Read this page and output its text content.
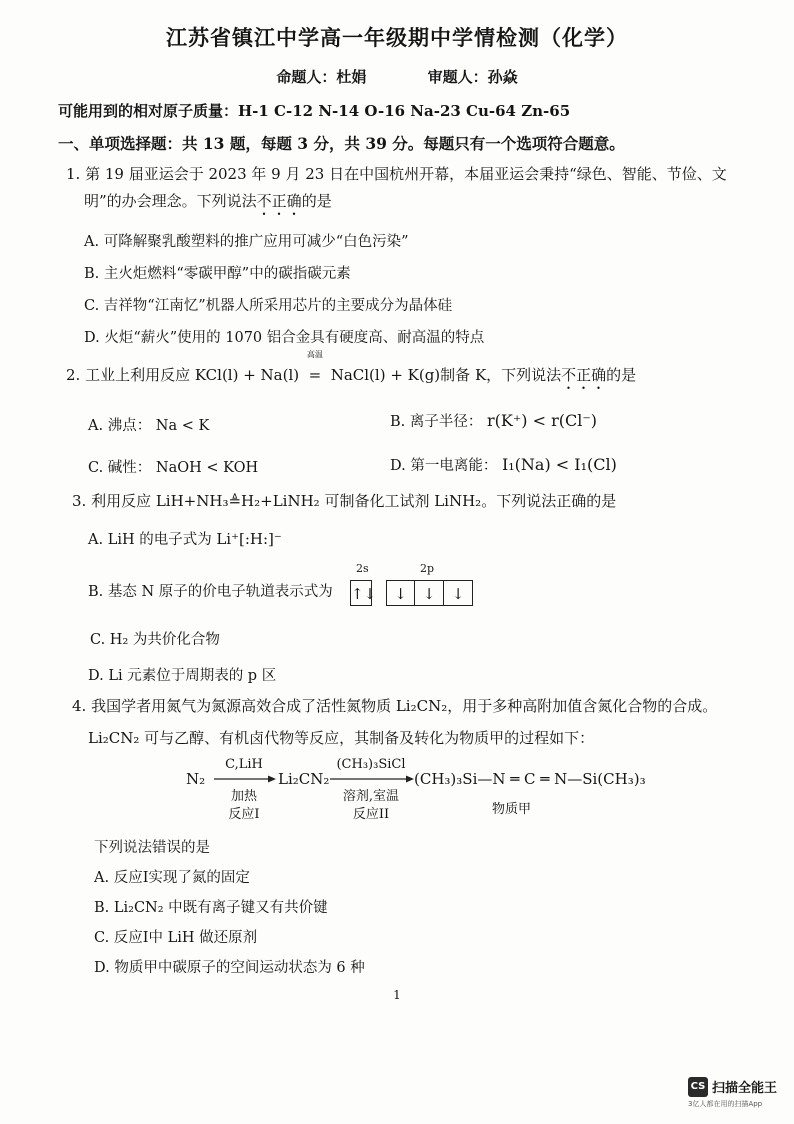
江苏省镇江中学高一年级期中学情检测（化学）
命题人：杜娟	审题人：孙焱
可能用到的相对原子质量：H-1 C-12 N-14 O-16 Na-23 Cu-64 Zn-65
一、单项选择题：共 13 题，每题 3 分，共 39 分。每题只有一个选项符合题意。
1. 第 19 届亚运会于 2023 年 9 月 23 日在中国杭州开幕，本届亚运会秉持“绿色、智能、节俭、文
明”的办会理念。下列说法不正确的是
A. 可降解聚乳酸塑料的推广应用可减少“白色污染”
B. 主火炬燃料“零碳甲醇”中的碳指碳元素
C. 吉祥物“江南忆”机器人所采用芯片的主要成分为晶体硅
D. 火炬“薪火”使用的 1070 铝合金具有硬度高、耐高温的特点
2. 工业上利用反应 KCl(l) + Na(l)
高温
= NaCl(l) + K(g)制备 K，下列说法不正确的是
A. 沸点： Na < K	B. 离子半径： r(K⁺) < r(Cl⁻)
C. 碱性： NaOH < KOH	D. 第一电离能： I₁(Na) < I₁(Cl)
3. 利用反应 LiH+NH₃≜H₂+LiNH₂ 可制备化工试剂 LiNH₂。下列说法正确的是
A. LiH 的电子式为 Li⁺[:H:]⁻
B. 基态 N 原子的价电子轨道表示式为
2s	2p
↑↓	↓	↓	↓
C. H₂ 为共价化合物
D. Li 元素位于周期表的 p 区
4. 我国学者用氮气为氮源高效合成了活性氮物质 Li₂CN₂，用于多种高附加值含氮化合物的合成。
Li₂CN₂ 可与乙醇、有机卤代物等反应，其制备及转化为物质甲的过程如下：
N₂
C,LiH
加热
反应I
Li₂CN₂
(CH₃)₃SiCl
溶剂,室温
反应II
(CH₃)₃Si—N ═ C ═ N—Si(CH₃)₃
物质甲
下列说法错误的是
A. 反应I实现了氮的固定
B. Li₂CN₂ 中既有离子键又有共价键
C. 反应I中 LiH 做还原剂
D. 物质甲中碳原子的空间运动状态为 6 种
1
CS 扫描全能王
3亿人都在用的扫描App
